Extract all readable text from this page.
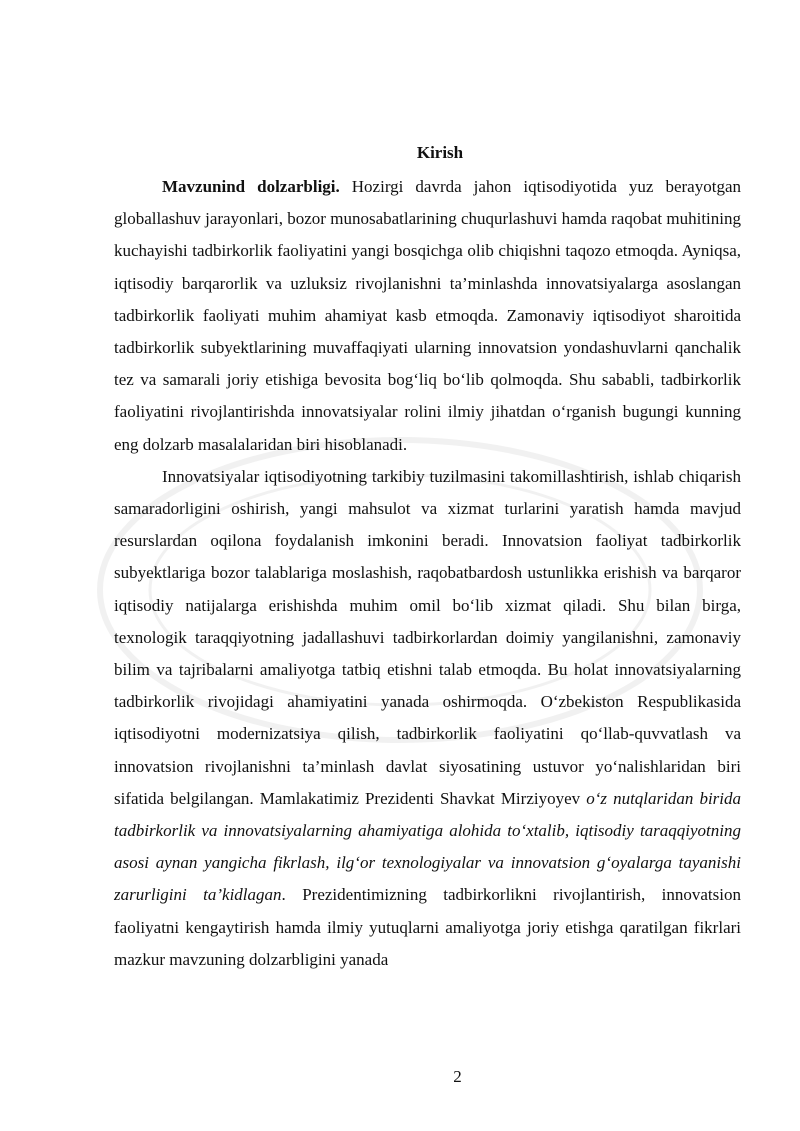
Kirish

Mavzunind dolzarbligi. Hozirgi davrda jahon iqtisodiyotida yuz berayotgan globallashuv jarayonlari, bozor munosabatlarining chuqurlashuvi hamda raqobat muhitining kuchayishi tadbirkorlik faoliyatini yangi bosqichga olib chiqishni taqozo etmoqda. Ayniqsa, iqtisodiy barqarorlik va uzluksiz rivojlanishni ta’minlashda innovatsiyalarga asoslangan tadbirkorlik faoliyati muhim ahamiyat kasb etmoqda. Zamonaviy iqtisodiyot sharoitida tadbirkorlik subyektlarining muvaffaqiyati ularning innovatsion yondashuvlarni qanchalik tez va samarali joriy etishiga bevosita bog‘liq bo‘lib qolmoqda. Shu sababli, tadbirkorlik faoliyatini rivojlantirishda innovatsiyalar rolini ilmiy jihatdan o‘rganish bugungi kunning eng dolzarb masalalaridan biri hisoblanadi.

Innovatsiyalar iqtisodiyotning tarkibiy tuzilmasini takomillashtirish, ishlab chiqarish samaradorligini oshirish, yangi mahsulot va xizmat turlarini yaratish hamda mavjud resurslardan oqilona foydalanish imkonini beradi. Innovatsion faoliyat tadbirkorlik subyektlariga bozor talablariga moslashish, raqobatbardosh ustunlikka erishish va barqaror iqtisodiy natijalarga erishishda muhim omil bo‘lib xizmat qiladi. Shu bilan birga, texnologik taraqqiyotning jadallashuvi tadbirkorlardan doimiy yangilanishni, zamonaviy bilim va tajribalarni amaliyotga tatbiq etishni talab etmoqda. Bu holat innovatsiyalarning tadbirkorlik rivojidagi ahamiyatini yanada oshirmoqda. O‘zbekiston Respublikasida iqtisodiyotni modernizatsiya qilish, tadbirkorlik faoliyatini qo‘llab-quvvatlash va innovatsion rivojlanishni ta’minlash davlat siyosatining ustuvor yo‘nalishlaridan biri sifatida belgilangan. Mamlakatimiz Prezidenti Shavkat Mirziyoyev o‘z nutqlaridan birida tadbirkorlik va innovatsiyalarning ahamiyatiga alohida to‘xtalib, iqtisodiy taraqqiyotning asosi aynan yangicha fikrlash, ilg‘or texnologiyalar va innovatsion g‘oyalarga tayanishi zarurligini ta’kidlagan. Prezidentimizning tadbirkorlikni rivojlantirish, innovatsion faoliyatni kengaytirish hamda ilmiy yutuqlarni amaliyotga joriy etishga qaratilgan fikrlari mazkur mavzuning dolzarbligini yanada

2
